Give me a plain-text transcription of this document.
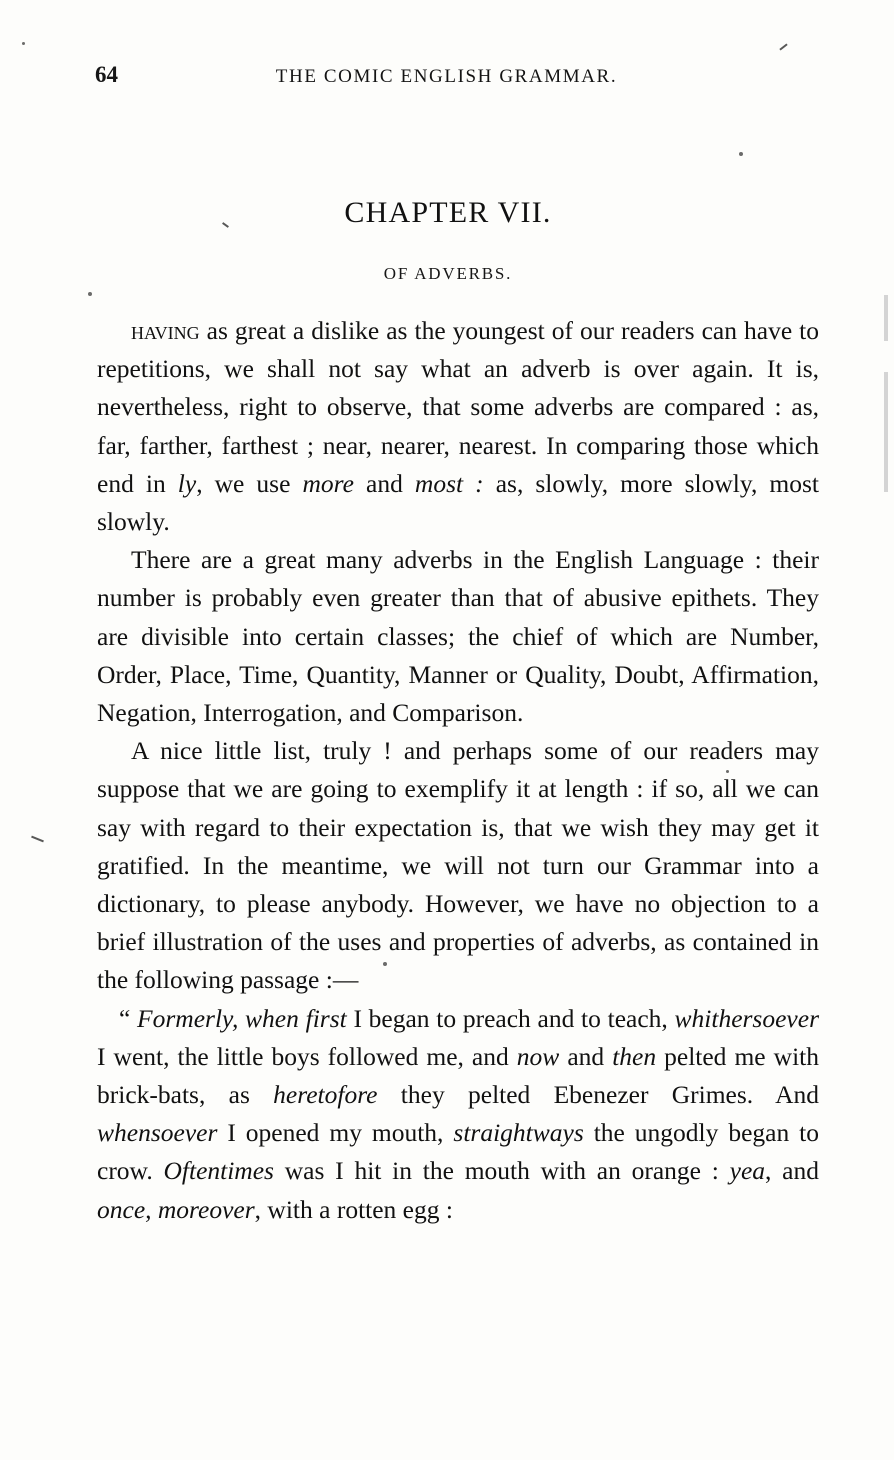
64	THE COMIC ENGLISH GRAMMAR.
CHAPTER VII.
OF ADVERBS.

having as great a dislike as the youngest of our readers can have to repetitions, we shall not say what an adverb is over again. It is, nevertheless, right to observe, that some adverbs are compared : as, far, farther, farthest ; near, nearer, nearest. In comparing those which end in ly, we use more and most : as, slowly, more slowly, most slowly.

There are a great many adverbs in the English Language : their number is probably even greater than that of abusive epithets. They are divisible into certain classes; the chief of which are Number, Order, Place, Time, Quantity, Manner or Quality, Doubt, Affirmation, Negation, Interrogation, and Comparison.

A nice little list, truly ! and perhaps some of our readers may suppose that we are going to exemplify it at length : if so, all we can say with regard to their expectation is, that we wish they may get it gratified. In the meantime, we will not turn our Grammar into a dictionary, to please anybody. However, we have no objection to a brief illustration of the uses and properties of adverbs, as contained in the following passage :—

“ Formerly, when first I began to preach and to teach, whithersoever I went, the little boys followed me, and now and then pelted me with brick-bats, as heretofore they pelted Ebenezer Grimes. And whensoever I opened my mouth, straightways the ungodly began to crow. Oftentimes was I hit in the mouth with an orange : yea, and once, moreover, with a rotten egg :
